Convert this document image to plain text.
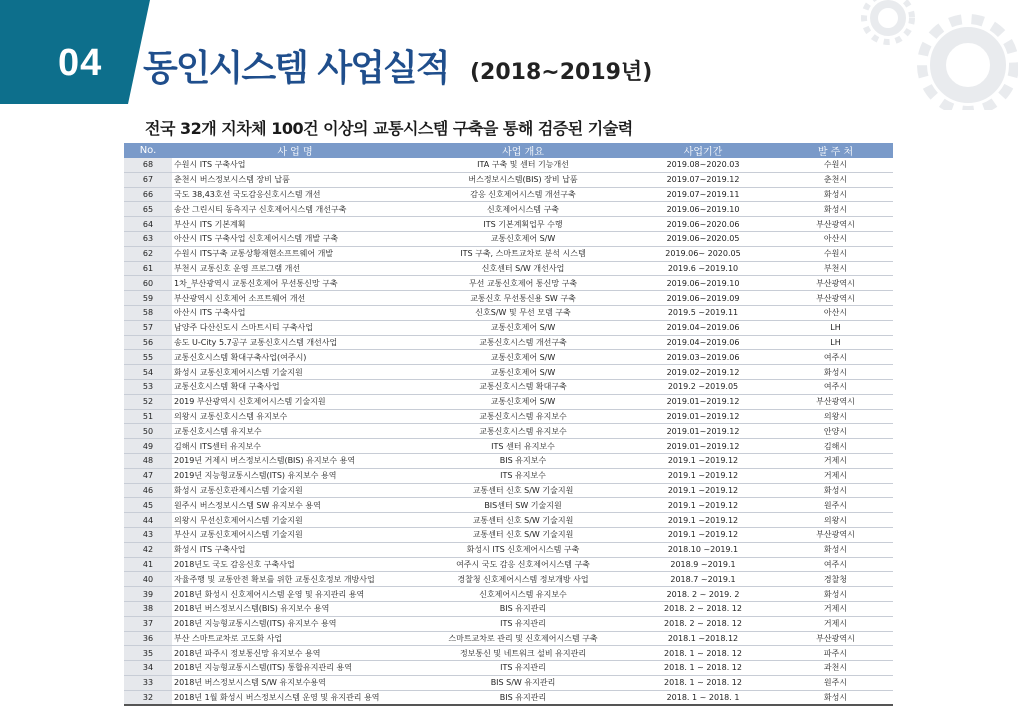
04 동인시스템 사업실적 (2018~2019년)
전국 32개 지차체 100건 이상의 교통시스템 구축을 통해 검증된 기술력
No.	사 업 명	사업 개요	사업기간	발 주 처
68	수원시 ITS 구축사업	ITA 구축 및 센터 기능개선	2019.08~2020.03	수원시
67	춘천시 버스정보시스템 장비 납품	버스정보시스템(BIS) 장비 납품	2019.07~2019.12	춘천시
66	국도 38,43호선 국도감응신호시스템 개선	감응 신호제어시스템 개선구축	2019.07~2019.11	화성시
65	송산 그린시티 동측지구 신호제어시스템 개선구축	신호제어시스템 구축	2019.06~2019.10	화성시
64	부산시 ITS 기본계획	ITS 기본계획업무 수행	2019.06~2020.06	부산광역시
63	아산시 ITS 구축사업 신호제어시스템 개발 구축	교통신호제어 S/W	2019.06~2020.05	아산시
62	수원시 ITS구축 교통상황재현소프트웨어 개발	ITS 구축, 스마트교차로 분석 시스템	2019.06~ 2020.05	수원시
61	부천시 교통신호 운영 프로그램 개선	신호센터 S/W 개선사업	2019.6 ~2019.10	부천시
60	1차_부산광역시 교통신호제어 무선통신망 구축	무선 교통신호제어 통신망 구축	2019.06~2019.10	부산광역시
59	부산광역시 신호제어 소프트웨어 개선	교통신호 무선통신용 SW 구축	2019.06~2019.09	부산광역시
58	아산시 ITS 구축사업	신호S/W 및 무선 모뎀 구축	2019.5 ~2019.11	아산시
57	남양주 다산신도시 스마트시티 구축사업	교통신호제어 S/W	2019.04~2019.06	LH
56	송도 U-City 5.7공구 교통신호시스템 개선사업	교통신호시스템 개선구축	2019.04~2019.06	LH
55	교통신호시스템 확대구축사업(여주시)	교통신호제어 S/W	2019.03~2019.06	여주시
54	화성시 교통신호제어시스템 기술지원	교통신호제어 S/W	2019.02~2019.12	화성시
53	교통신호시스템 확대 구축사업	교통신호시스템 확대구축	2019.2 ~2019.05	여주시
52	2019 부산광역시 신호제어시스템 기술지원	교통신호제어 S/W	2019.01~2019.12	부산광역시
51	의왕시 교통신호시스템 유지보수	교통신호시스템 유지보수	2019.01~2019.12	의왕시
50	교통신호시스템 유지보수	교통신호시스템 유지보수	2019.01~2019.12	안양시
49	김해시 ITS센터 유지보수	ITS 센터 유지보수	2019.01~2019.12	김해시
48	2019년 거제시 버스정보시스템(BIS) 유지보수 용역	BIS 유지보수	2019.1 ~2019.12	거제시
47	2019년 지능형교통시스템(ITS) 유지보수 용역	ITS 유지보수	2019.1 ~2019.12	거제시
46	화성시 교통신호관제시스템 기술지원	교통센터 신호 S/W 기술지원	2019.1 ~2019.12	화성시
45	원주시 버스정보시스템 SW 유지보수 용역	BIS센터 SW 기술지원	2019.1 ~2019.12	원주시
44	의왕시 무선신호제어시스템 기술지원	교통센터 신호 S/W 기술지원	2019.1 ~2019.12	의왕시
43	부산시 교통신호제어시스템 기술지원	교통센터 신호 S/W 기술지원	2019.1 ~2019.12	부산광역시
42	화성시 ITS 구축사업	화성시 ITS 신호제어시스템 구축	2018.10 ~2019.1	화성시
41	2018년도 국도 감응신호 구축사업	여주시 국도 감응 신호제어시스템 구축	2018.9 ~2019.1	여주시
40	자율주행 및 교통안전 확보를 위한 교통신호정보 개방사업	경찰청 신호제어시스템 정보개방 사업	2018.7 ~2019.1	경찰청
39	2018년 화성시 신호제어시스템 운영 및 유지관리 용역	신호제어시스템 유지보수	2018. 2 ~ 2019. 2	화성시
38	2018년 버스정보시스템(BIS) 유지보수 용역	BIS 유지관리	2018. 2 ~ 2018. 12	거제시
37	2018년 지능형교통시스템(ITS) 유지보수 용역	ITS 유지관리	2018. 2 ~ 2018. 12	거제시
36	부산 스마트교차로 고도화 사업	스마트교차로 관리 및 신호제어시스템 구축	2018.1 ~2018.12	부산광역시
35	2018년 파주시 정보통신망 유지보수 용역	정보통신 및 네트워크 설비 유지관리	2018. 1 ~ 2018. 12	파주시
34	2018년 지능형교통시스템(ITS) 통합유지관리 용역	ITS 유지관리	2018. 1 ~ 2018. 12	과천시
33	2018년 버스정보시스템 S/W 유지보수용역	BIS S/W 유지관리	2018. 1 ~ 2018. 12	원주시
32	2018년 1월 화성시 버스정보시스템 운영 및 유지관리 용역	BIS 유지관리	2018. 1 ~ 2018. 1	화성시
